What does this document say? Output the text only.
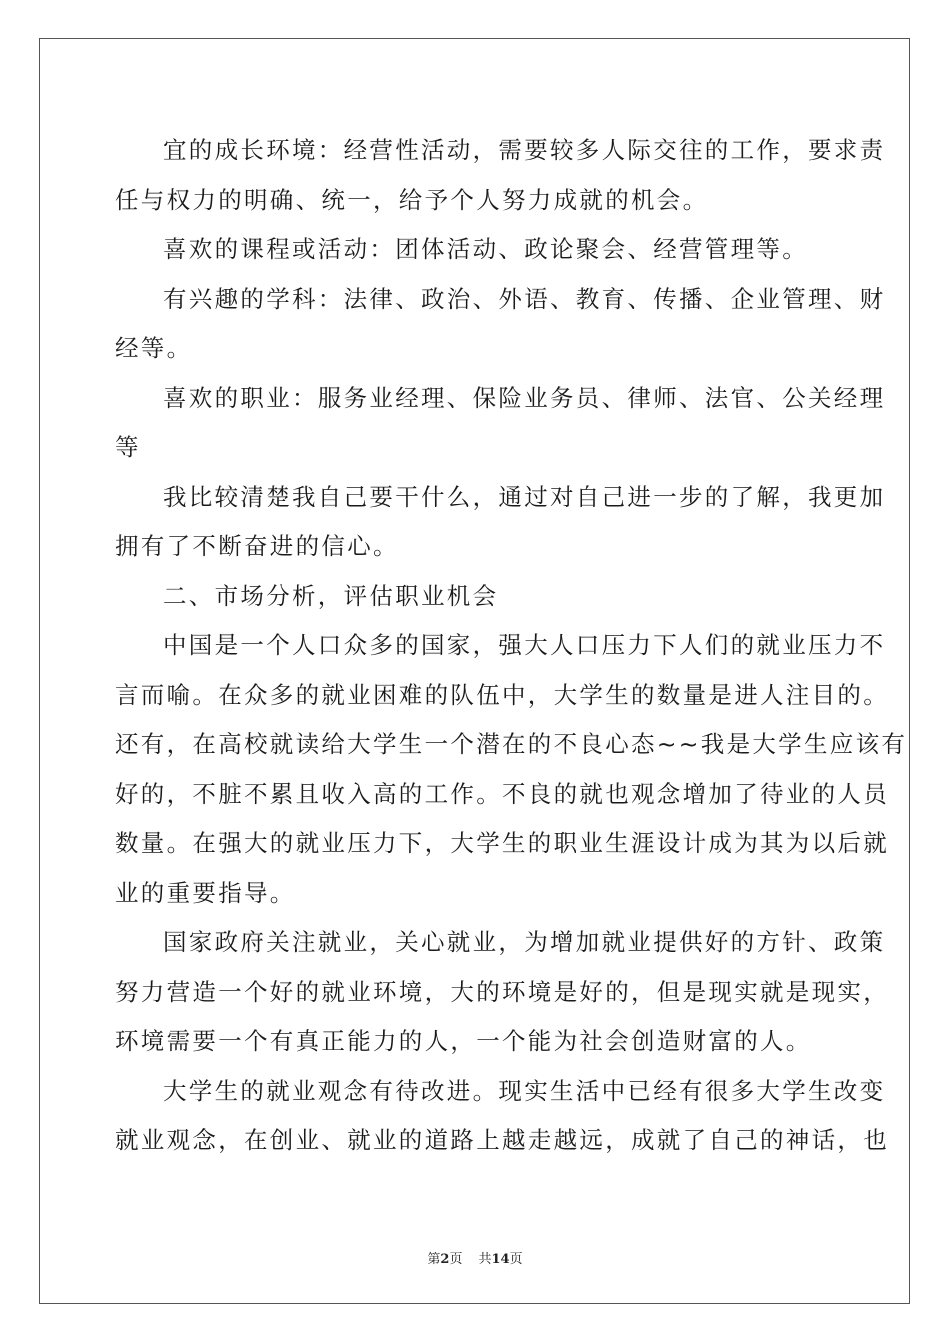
宜的成长环境：经营性活动，需要较多人际交往的工作，要求责
任与权力的明确、统一，给予个人努力成就的机会。
喜欢的课程或活动：团体活动、政论聚会、经营管理等。
有兴趣的学科：法律、政治、外语、教育、传播、企业管理、财
经等。
喜欢的职业：服务业经理、保险业务员、律师、法官、公关经理
等
我比较清楚我自己要干什么，通过对自己进一步的了解，我更加
拥有了不断奋进的信心。
二、市场分析，评估职业机会
中国是一个人口众多的国家，强大人口压力下人们的就业压力不
言而喻。在众多的就业困难的队伍中，大学生的数量是进人注目的。
还有，在高校就读给大学生一个潜在的不良心态~~我是大学生应该有
好的，不脏不累且收入高的工作。不良的就也观念增加了待业的人员
数量。在强大的就业压力下，大学生的职业生涯设计成为其为以后就
业的重要指导。
国家政府关注就业，关心就业，为增加就业提供好的方针、政策
努力营造一个好的就业环境，大的环境是好的，但是现实就是现实，
环境需要一个有真正能力的人，一个能为社会创造财富的人。
大学生的就业观念有待改进。现实生活中已经有很多大学生改变
就业观念，在创业、就业的道路上越走越远，成就了自己的神话，也
第2页 共14页
